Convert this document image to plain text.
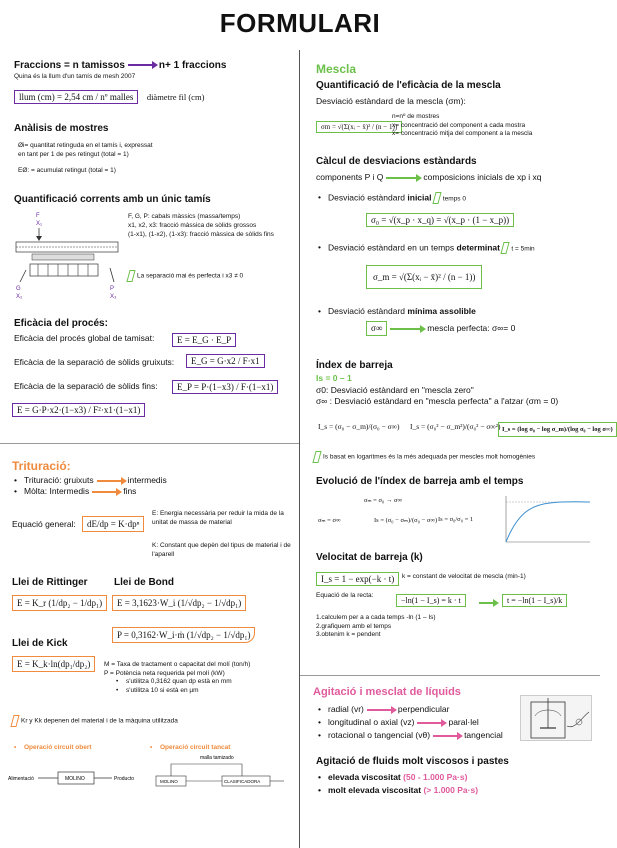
FORMULARI
Fraccions = n tamissos	n+ 1 fraccions
Quina és la llum d'un tamís de mesh 2007
llum (cm) = 2,54 cm / nº malles diàmetre fil (cm)
Anàlisis de mostres
Øi= quantitat retinguda en el tamís i, expressat
en tant per 1 de pes retingut (total = 1)
EØ: = acumulat retingut (total = 1)
Quantificació corrents amb un únic tamís
F
X₁
G
X₂
P
X₃
F, G, P: cabals màssics (massa/temps)
x1, x2, x3: fracció màssica de sòlids grossos
(1-x1), (1-x2), (1-x3): fracció màssica de sòlids fins
La separació mai és perfecta i x3 ≠ 0
Eficàcia del procés:
Eficàcia del procés global de tamisat:	E = E_G · E_P
Eficàcia de la separació de sòlids gruixuts:	E_G = G·x2 / F·x1
Eficàcia de la separació de sòlids fins:	E_P = P·(1−x3) / F·(1−x1)
E = G·P·x2·(1−x3) / F²·x1·(1−x1)
Trituració:
• Trituració: gruixuts	intermedis
• Mòlta: Intermedis	fins
Equació general:	dE/dp = K·dpⁿ
E: Energia necessària per reduir la mida de la unitat de massa de material
K: Constant que depèn del tipus de material i de l'aparell
Llei de Rittinger
E = K_r (1/dp₂ − 1/dp₁)
Llei de Bond
E = 3,1623·W_i (1/√dp₂ − 1/√dp₁)
P = 0,3162·W_i·ṁ (1/√dp₂ − 1/√dp₁)
Llei de Kick
E = K_k·ln(dp₁/dp₂)	M = Taxa de tractament o capacitat del molí (ton/h)
P = Potència neta requerida pel molí (kW)
• s'utilitza 0,3162 quan dp està en mm
• s'utilitza 10 si està en µm
Kr y Kk depenen del material i de la màquina utilitzada
• Operació circuit obert
•	Operació circuit tancat
Alimentació	MOLINO	Producto
malla tamizado
MOLINO	CLASIFICADORA
Mescla
Quantificació de l'eficàcia de la mescla
Desviació estàndard de la mescla (σm):
σm = √(Σ(xᵢ − x̄)² / (n − 1))
n=nº de mostres
x= concentració del component a cada mostra
x̄= concentració mitja del component a la mescla
Càlcul de desviacions estàndards
components P i Q	composicions inicials de xp i xq
• Desviació estàndard inicial temps 0
σ₀ = √(x_p · x_q) = √(x_p · (1 − x_p))
• Desviació estàndard en un temps determinat t = 5min
σ_m = √(Σ(xᵢ − x̄)² / (n − 1))
• Desviació estàndard mínima assolible
σ∞	mescla perfecta: σ∞= 0
Índex de barreja
Is = 0 – 1
σ0: Desviació estàndard en "mescla zero"
σ∞ : Desviació estàndard en "mescla perfecta" a l'atzar (σm = 0)
I_s = (σ₀ − σ_m)/(σ₀ − σ∞) I_s = (σ₀² − σ_m²)/(σ₀² − σ∞²) I_s = (log σ₀ − log σ_m)/(log σ₀ − log σ∞)
Is basat en logaritmes és la més adequada per mescles molt homogènies
Evolució de l'índex de barreja amb el temps
σₘ = σ₀ → σ∞
σₘ = σ∞	Is = (σ₀ − σₘ)/(σ₀ − σ∞) Is = σ₀/σ₀ = 1
Velocitat de barreja (k)
I_s = 1 − exp(−k · t)	k = constant de velocitat de mescla (min-1)
Equació de la recta:
−ln(1 − I_s) = k · t	t = −ln(1 − I_s)/k
1.calculem per a a cada temps -ln (1 – Is)
2.grafiquem amb el temps
3.obtenim k = pendent
Agitació i mesclat de líquids
• radial (vr)	perpendicular
• longitudinal o axial (vz)	paral·lel
• rotacional o tangencial (vθ)	tangencial
Agitació de fluids molt viscosos i pastes
• elevada viscositat (50 - 1.000 Pa·s)
• molt elevada viscositat (> 1.000 Pa·s)
